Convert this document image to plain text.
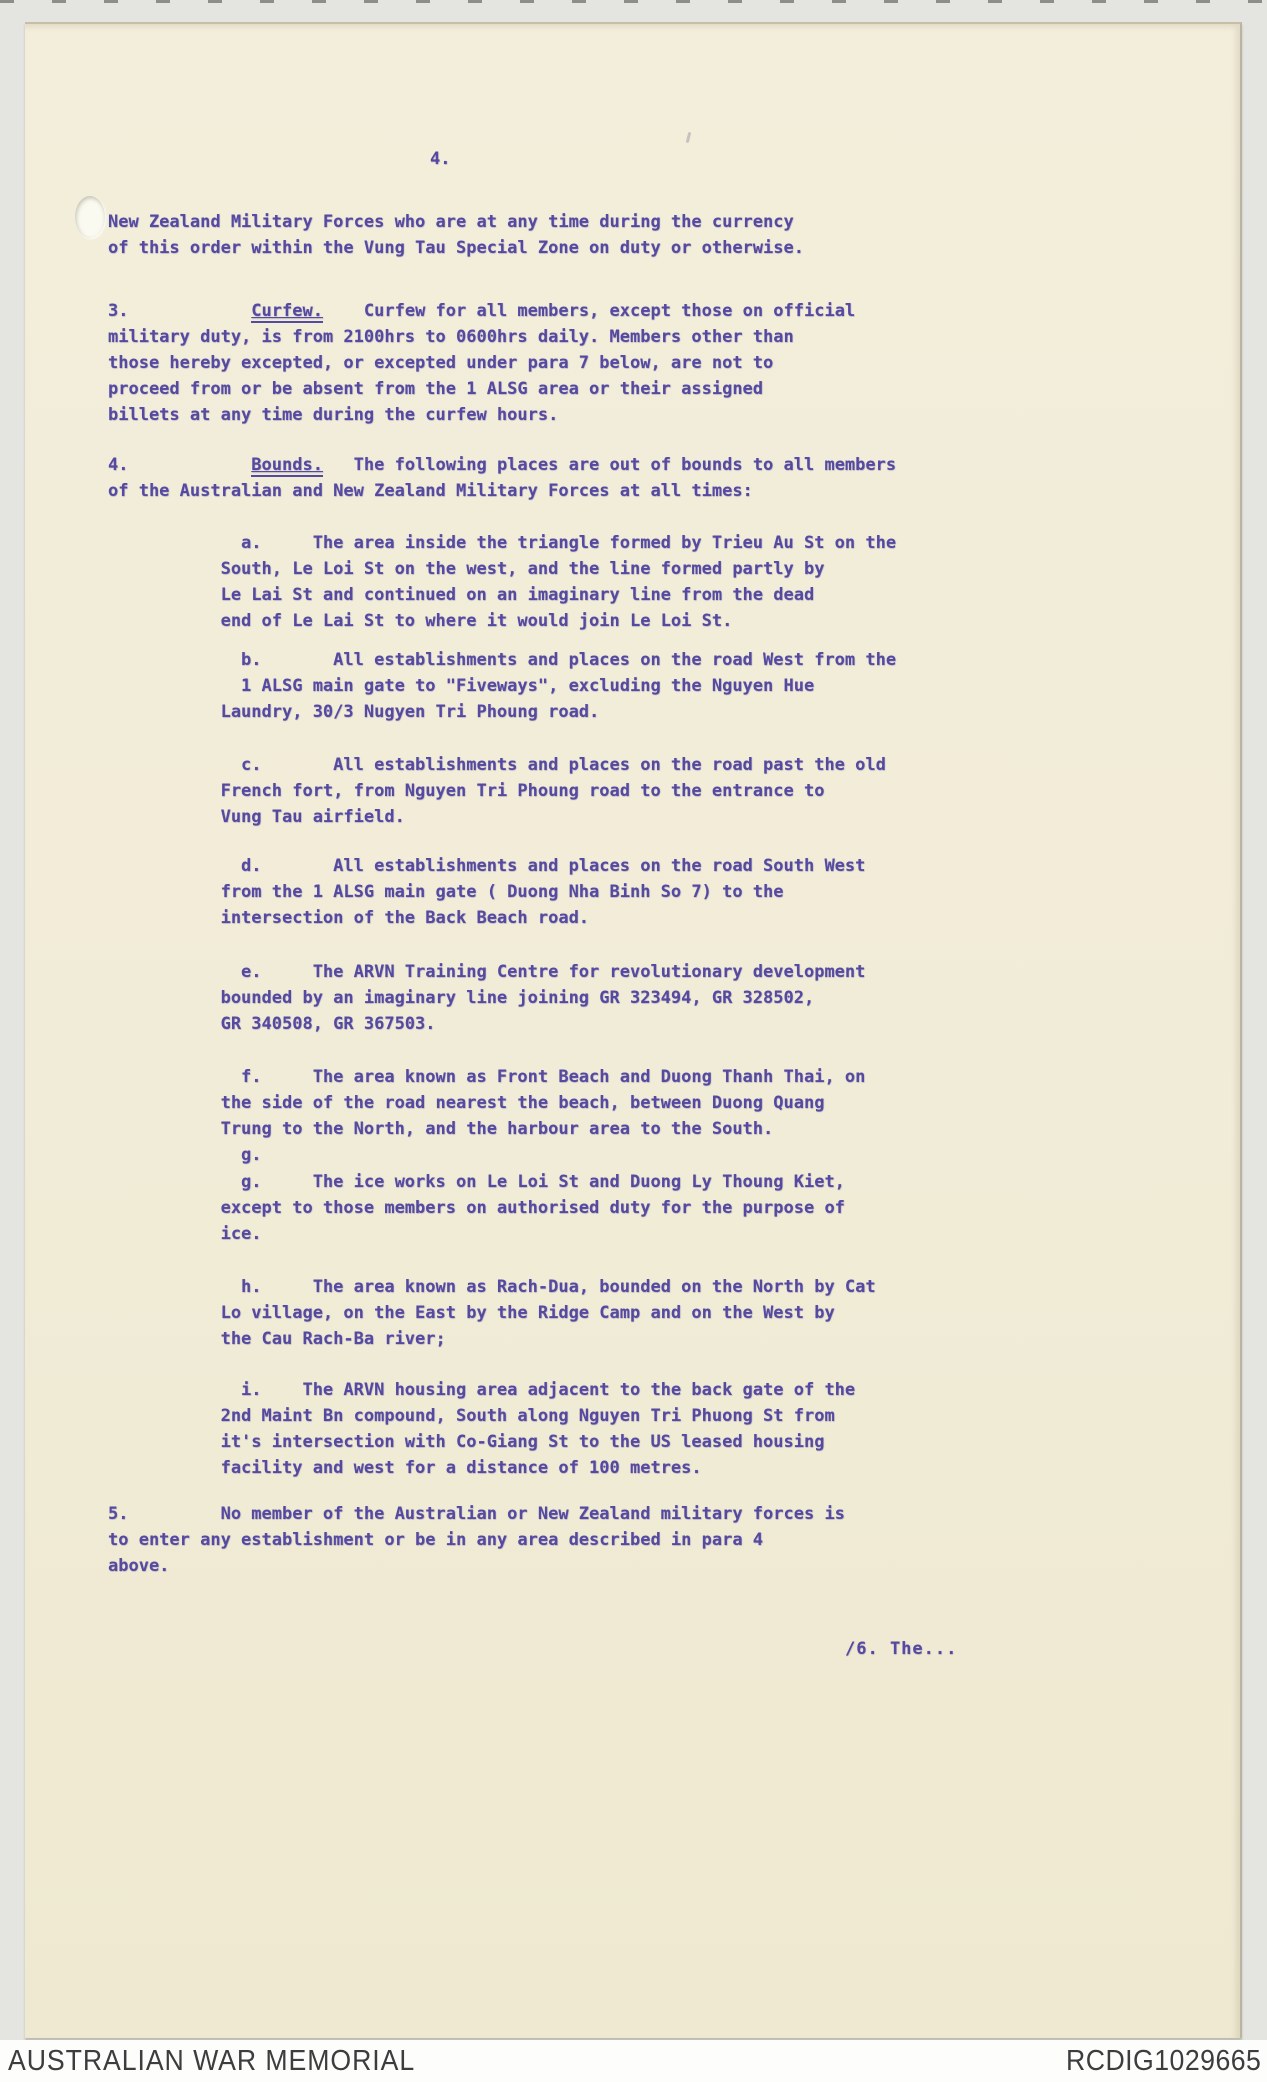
4.
/6. The...
New Zealand Military Forces who are at any time during the currency
of this order within the Vung Tau Special Zone on duty or otherwise.
3.            Curfew.    Curfew for all members, except those on official
military duty, is from 2100hrs to 0600hrs daily. Members other than
those hereby excepted, or excepted under para 7 below, are not to
proceed from or be absent from the 1 ALSG area or their assigned
billets at any time during the curfew hours.
4.            Bounds.   The following places are out of bounds to all members
of the Australian and New Zealand Military Forces at all times:
a.     The area inside the triangle formed by Trieu Au St on the
South, Le Loi St on the west, and the line formed partly by
Le Lai St and continued on an imaginary line from the dead
end of Le Lai St to where it would join Le Loi St.
b.       All establishments and places on the road West from the
1 ALSG main gate to "Fiveways", excluding the Nguyen Hue
Laundry, 30/3 Nugyen Tri Phoung road.
c.       All establishments and places on the road past the old
French fort, from Nguyen Tri Phoung road to the entrance to
Vung Tau airfield.
d.       All establishments and places on the road South West
from the 1 ALSG main gate ( Duong Nha Binh So 7) to the
intersection of the Back Beach road.
e.     The ARVN Training Centre for revolutionary development
bounded by an imaginary line joining GR 323494, GR 328502,
GR 340508, GR 367503.
f.     The area known as Front Beach and Duong Thanh Thai, on
the side of the road nearest the beach, between Duong Quang
Trung to the North, and the harbour area to the South.
g.
g.     The ice works on Le Loi St and Duong Ly Thoung Kiet,
except to those members on authorised duty for the purpose of
ice.
h.     The area known as Rach-Dua, bounded on the North by Cat
Lo village, on the East by the Ridge Camp and on the West by
the Cau Rach-Ba river;
i.    The ARVN housing area adjacent to the back gate of the
2nd Maint Bn compound, South along Nguyen Tri Phuong St from
it's intersection with Co-Giang St to the US leased housing
facility and west for a distance of 100 metres.
5.         No member of the Australian or New Zealand military forces is
to enter any establishment or be in any area described in para 4
above.
AUSTRALIAN WAR MEMORIAL	RCDIG1029665
